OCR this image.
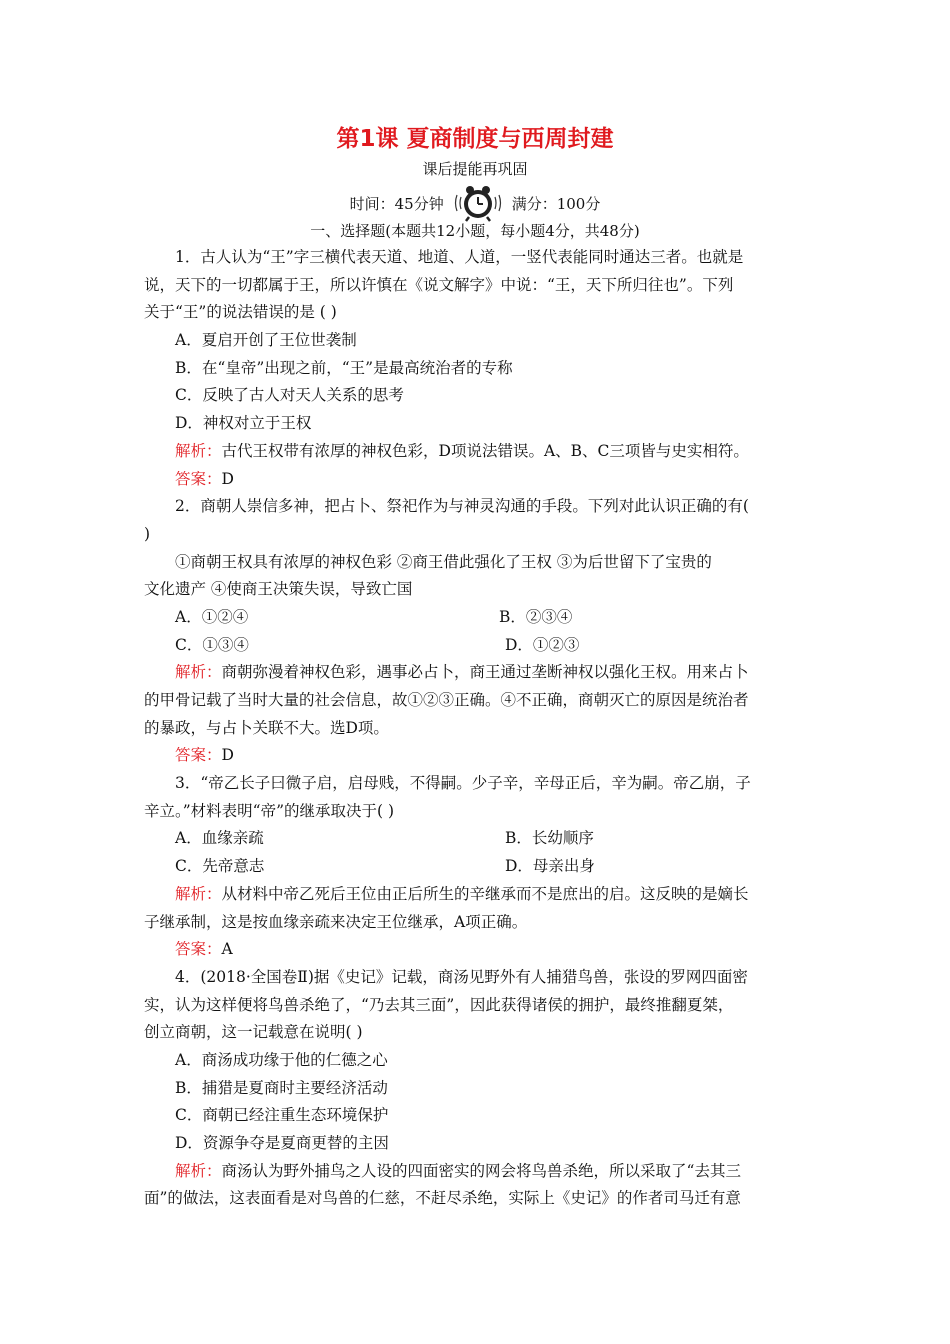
第1课 夏商制度与西周封建
课后提能再巩固
时间：45分钟	满分：100分
一、选择题(本题共12小题，每小题4分，共48分)
1．古人认为“王”字三横代表天道、地道、人道，一竖代表能同时通达三者。也就是
说，天下的一切都属于王，所以许慎在《说文解字》中说：“王，天下所归往也”。下列
关于“王”的说法错误的是 ( )
A．夏启开创了王位世袭制
B．在“皇帝”出现之前，“王”是最高统治者的专称
C．反映了古人对天人关系的思考
D．神权对立于王权
解析：古代王权带有浓厚的神权色彩，D项说法错误。A、B、C三项皆与史实相符。
答案：D
2．商朝人崇信多神，把占卜、祭祀作为与神灵沟通的手段。下列对此认识正确的有(
)
①商朝王权具有浓厚的神权色彩 ②商王借此强化了王权 ③为后世留下了宝贵的
文化遗产 ④使商王决策失误，导致亡国
A．①②④	B．②③④
C．①③④	D．①②③
解析：商朝弥漫着神权色彩，遇事必占卜，商王通过垄断神权以强化王权。用来占卜
的甲骨记载了当时大量的社会信息，故①②③正确。④不正确，商朝灭亡的原因是统治者
的暴政，与占卜关联不大。选D项。
答案：D
3．“帝乙长子曰微子启，启母贱，不得嗣。少子辛，辛母正后，辛为嗣。帝乙崩，子
辛立。”材料表明“帝”的继承取决于( )
A．血缘亲疏	B．长幼顺序
C．先帝意志	D．母亲出身
解析：从材料中帝乙死后王位由正后所生的辛继承而不是庶出的启。这反映的是嫡长
子继承制，这是按血缘亲疏来决定王位继承，A项正确。
答案：A
4．(2018·全国卷Ⅱ)据《史记》记载，商汤见野外有人捕猎鸟兽，张设的罗网四面密
实，认为这样便将鸟兽杀绝了，“乃去其三面”，因此获得诸侯的拥护，最终推翻夏桀，
创立商朝，这一记载意在说明( )
A．商汤成功缘于他的仁德之心
B．捕猎是夏商时主要经济活动
C．商朝已经注重生态环境保护
D．资源争夺是夏商更替的主因
解析：商汤认为野外捕鸟之人设的四面密实的网会将鸟兽杀绝，所以采取了“去其三
面”的做法，这表面看是对鸟兽的仁慈，不赶尽杀绝，实际上《史记》的作者司马迁有意
